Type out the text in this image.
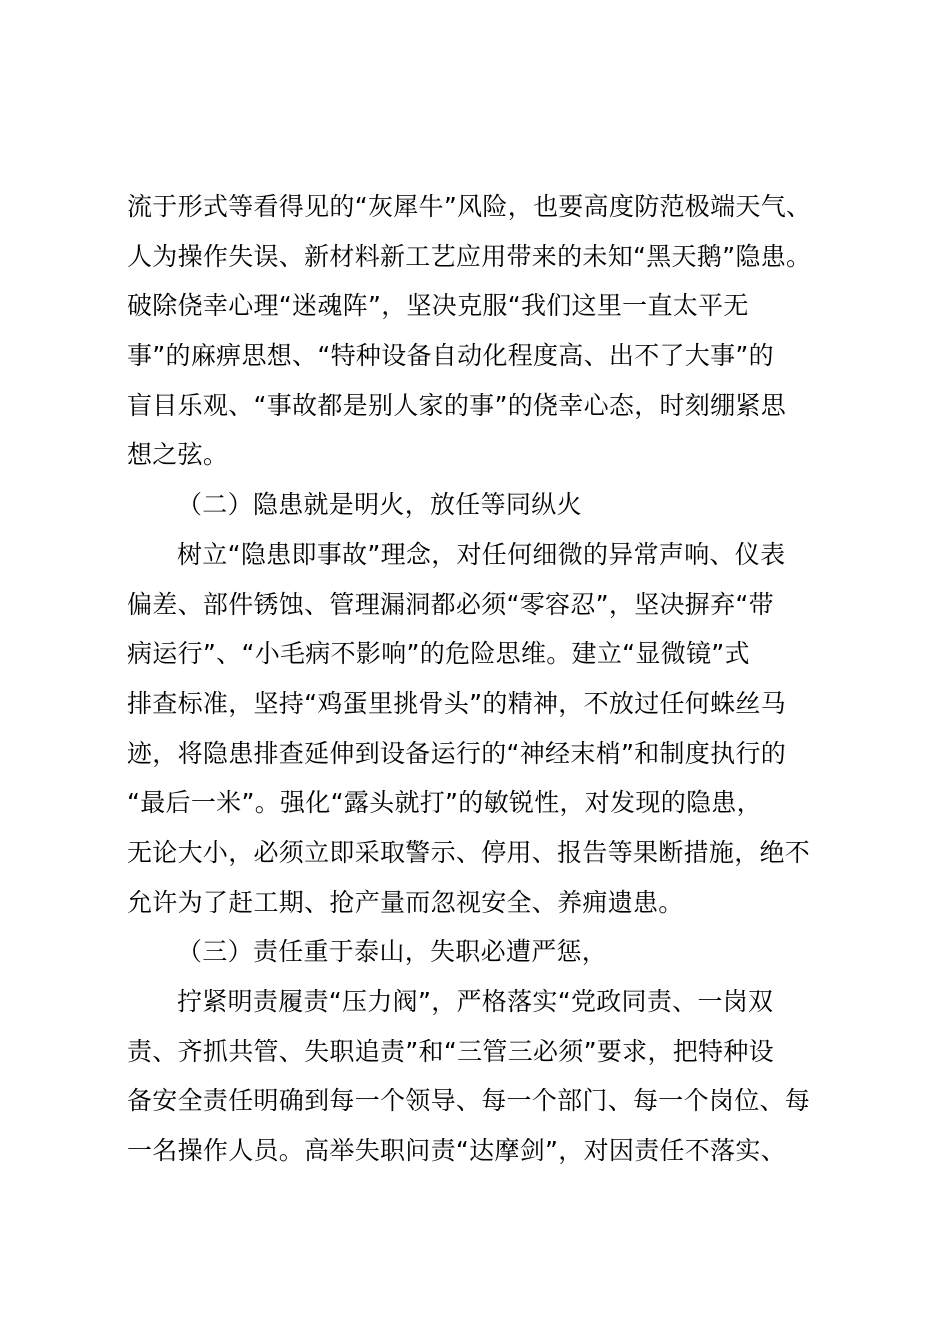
流于形式等看得见的“灰犀牛”风险，也要高度防范极端天气、
人为操作失误、新材料新工艺应用带来的未知“黑天鹅”隐患。
破除侥幸心理“迷魂阵”，坚决克服“我们这里一直太平无
事”的麻痹思想、“特种设备自动化程度高、出不了大事”的
盲目乐观、“事故都是别人家的事”的侥幸心态，时刻绷紧思
想之弦。
（二）隐患就是明火，放任等同纵火
树立“隐患即事故”理念，对任何细微的异常声响、仪表
偏差、部件锈蚀、管理漏洞都必须“零容忍”，坚决摒弃“带
病运行”、“小毛病不影响”的危险思维。建立“显微镜”式
排查标准，坚持“鸡蛋里挑骨头”的精神，不放过任何蛛丝马
迹，将隐患排查延伸到设备运行的“神经末梢”和制度执行的
“最后一米”。强化“露头就打”的敏锐性，对发现的隐患，
无论大小，必须立即采取警示、停用、报告等果断措施，绝不
允许为了赶工期、抢产量而忽视安全、养痈遗患。
（三）责任重于泰山，失职必遭严惩，
拧紧明责履责“压力阀”，严格落实“党政同责、一岗双
责、齐抓共管、失职追责”和“三管三必须”要求，把特种设
备安全责任明确到每一个领导、每一个部门、每一个岗位、每
一名操作人员。高举失职问责“达摩剑”，对因责任不落实、
